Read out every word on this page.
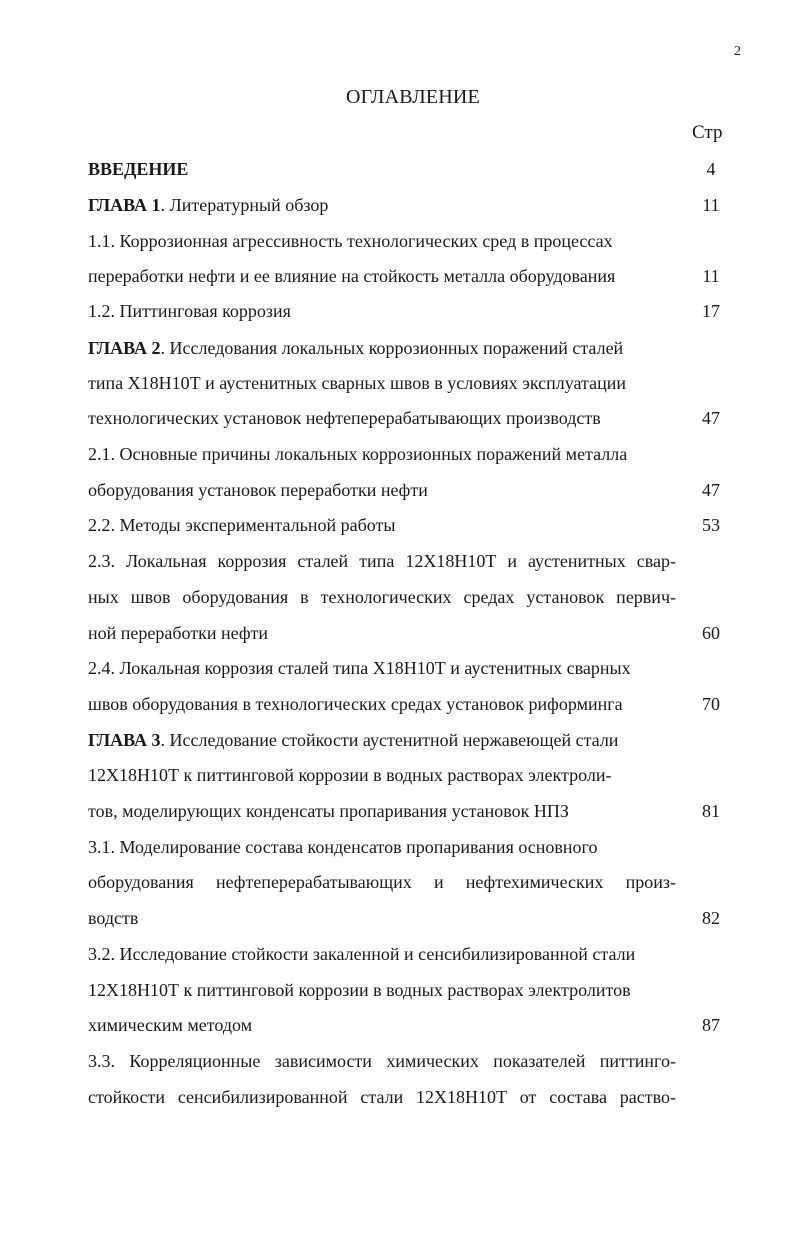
2
ОГЛАВЛЕНИЕ
Стр
ВВЕДЕНИЕ	4
ГЛАВА 1. Литературный обзор	11
1.1. Коррозионная агрессивность технологических сред в процессах
переработки нефти и ее влияние на стойкость металла оборудования	11
1.2. Питтинговая коррозия	17
ГЛАВА 2. Исследования локальных коррозионных поражений сталей
типа Х18Н10Т и аустенитных сварных швов в условиях эксплуатации
технологических установок нефтеперерабатывающих производств	47
2.1. Основные причины локальных коррозионных поражений металла
оборудования установок переработки нефти	47
2.2. Методы экспериментальной работы	53
2.3. Локальная коррозия сталей типа 12Х18Н10Т и аустенитных свар-
ных швов оборудования в технологических средах установок первич-
ной переработки нефти	60
2.4. Локальная коррозия сталей типа Х18Н10Т и аустенитных сварных
швов оборудования в технологических средах установок риформинга	70
ГЛАВА 3. Исследование стойкости аустенитной нержавеющей стали
12Х18Н10Т к питтинговой коррозии в водных растворах электроли-
тов, моделирующих конденсаты пропаривания установок НПЗ	81
3.1. Моделирование состава конденсатов пропаривания основного
оборудования нефтеперерабатывающих и нефтехимических произ-
водств	82
3.2. Исследование стойкости закаленной и сенсибилизированной стали
12Х18Н10Т к питтинговой коррозии в водных растворах электролитов
химическим методом	87
3.3. Корреляционные зависимости химических показателей питтинго-
стойкости сенсибилизированной стали 12Х18Н10Т от состава раство-
